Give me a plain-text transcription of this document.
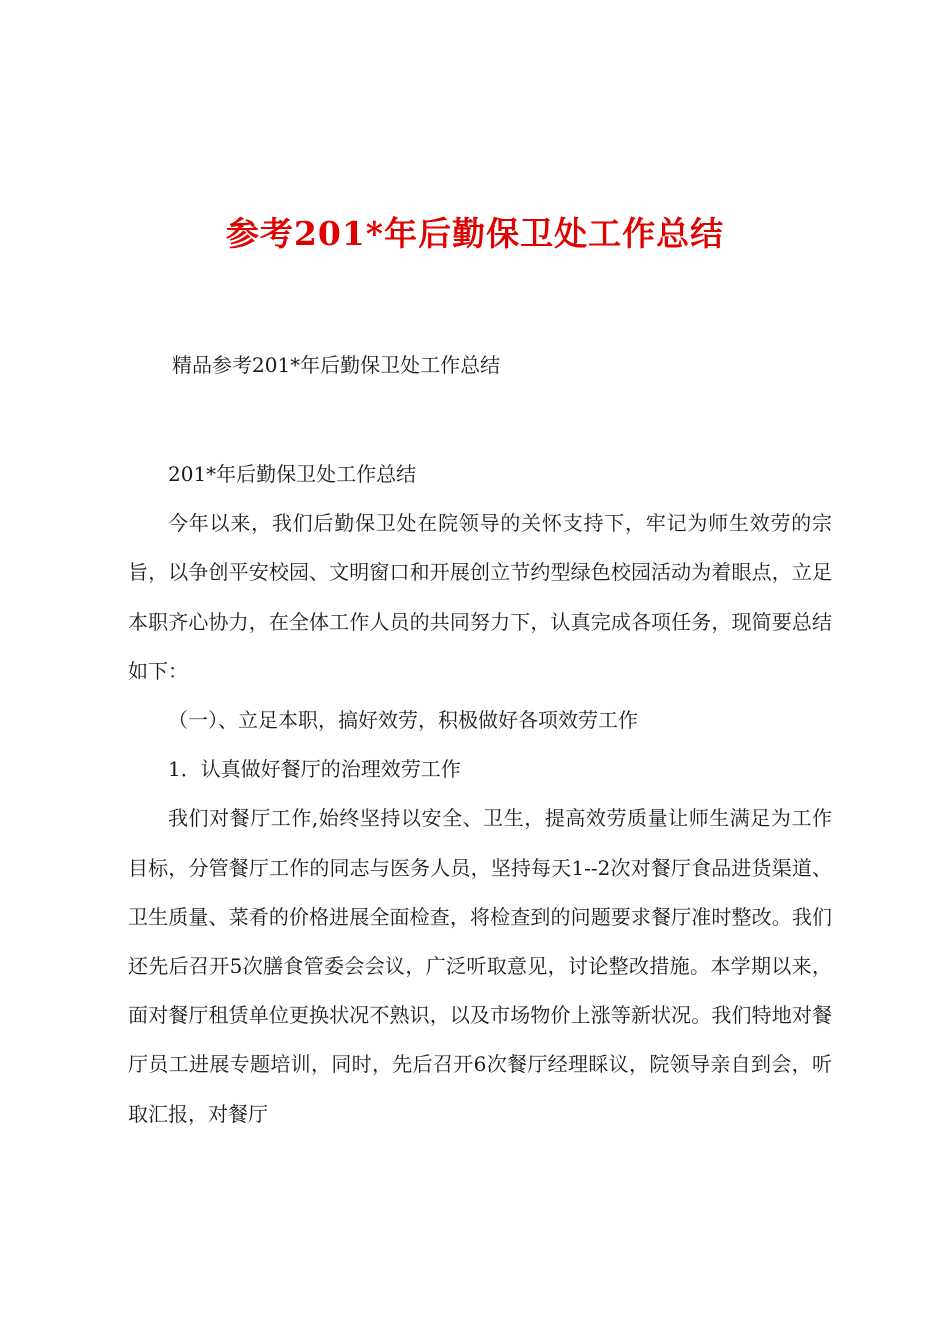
参考201*年后勤保卫处工作总结
精品参考201*年后勤保卫处工作总结

201*年后勤保卫处工作总结

今年以来，我们后勤保卫处在院领导的关怀支持下，牢记为师生效劳的宗旨，以争创平安校园、文明窗口和开展创立节约型绿色校园活动为着眼点，立足本职齐心协力，在全体工作人员的共同努力下，认真完成各项任务，现简要总结如下：

（一）、立足本职，搞好效劳，积极做好各项效劳工作

1．认真做好餐厅的治理效劳工作

我们对餐厅工作,始终坚持以安全、卫生，提高效劳质量让师生满足为工作目标，分管餐厅工作的同志与医务人员，坚持每天1--2次对餐厅食品进货渠道、卫生质量、菜肴的价格进展全面检查，将检查到的问题要求餐厅准时整改。我们还先后召开5次膳食管委会会议，广泛听取意见，讨论整改措施。本学期以来，面对餐厅租赁单位更换状况不熟识，以及市场物价上涨等新状况。我们特地对餐厅员工进展专题培训，同时，先后召开6次餐厅经理睬议，院领导亲自到会，听取汇报，对餐厅
